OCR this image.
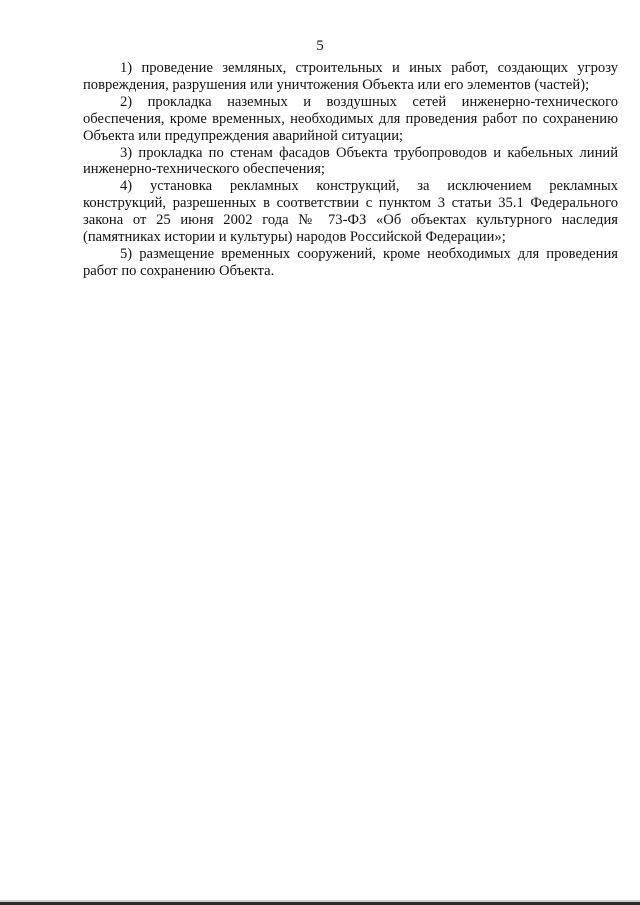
5

1) проведение земляных, строительных и иных работ, создающих угрозу повреждения, разрушения или уничтожения Объекта или его элементов (частей);

2) прокладка наземных и воздушных сетей инженерно-технического обеспечения, кроме временных, необходимых для проведения работ по сохранению Объекта или предупреждения аварийной ситуации;

3) прокладка по стенам фасадов Объекта трубопроводов и кабельных линий инженерно-технического обеспечения;

4) установка рекламных конструкций, за исключением рекламных конструкций, разрешенных в соответствии с пунктом 3 статьи 35.1 Федерального закона от 25 июня 2002 года № 73-ФЗ «Об объектах культурного наследия (памятниках истории и культуры) народов Российской Федерации»;

5) размещение временных сооружений, кроме необходимых для проведения работ по сохранению Объекта.
